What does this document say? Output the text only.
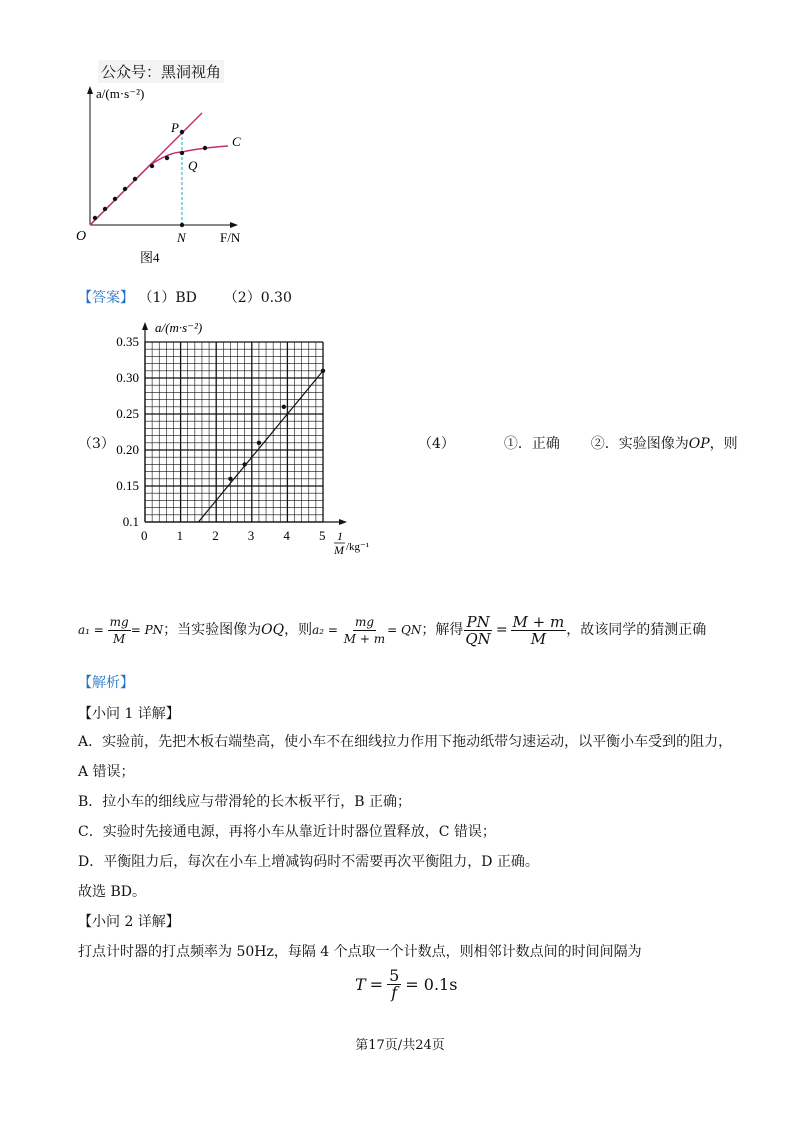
公众号：黑洞视角
a/(m·s⁻²)
O
P
Q
C
N	F/N
图4
【答案】 （1）BD （2）0.30
（3）
0 1 2 3 4 5
0.1
0.15
0.20
0.25
0.30
0.35
a/(m·s⁻²)
1
M /kg⁻¹
（4）	①．正确 ②．实验图像为OP，则
$a_1 = \frac{mg}{M}$ = PN ；当实验图像为 OQ ，则 $a_2 = \frac{mg}{M + m}$ = QN ；解得 $\frac{PN}{QN} = \frac{M + m}{M}$ ，故该同学的猜测正确
【解析】
【小问 1 详解】
A．实验前，先把木板右端垫高，使小车不在细线拉力作用下拖动纸带匀速运动，以平衡小车受到的阻力，
A 错误；
B．拉小车的细线应与带滑轮的长木板平行，B 正确；
C．实验时先接通电源，再将小车从靠近计时器位置释放，C 错误；
D．平衡阻力后，每次在小车上增减钩码时不需要再次平衡阻力，D 正确。
故选 BD。
【小问 2 详解】
打点计时器的打点频率为 50Hz，每隔 4 个点取一个计数点，则相邻计数点间的时间间隔为
$T = \frac{5}{f} = 0.1s$
第17页/共24页
